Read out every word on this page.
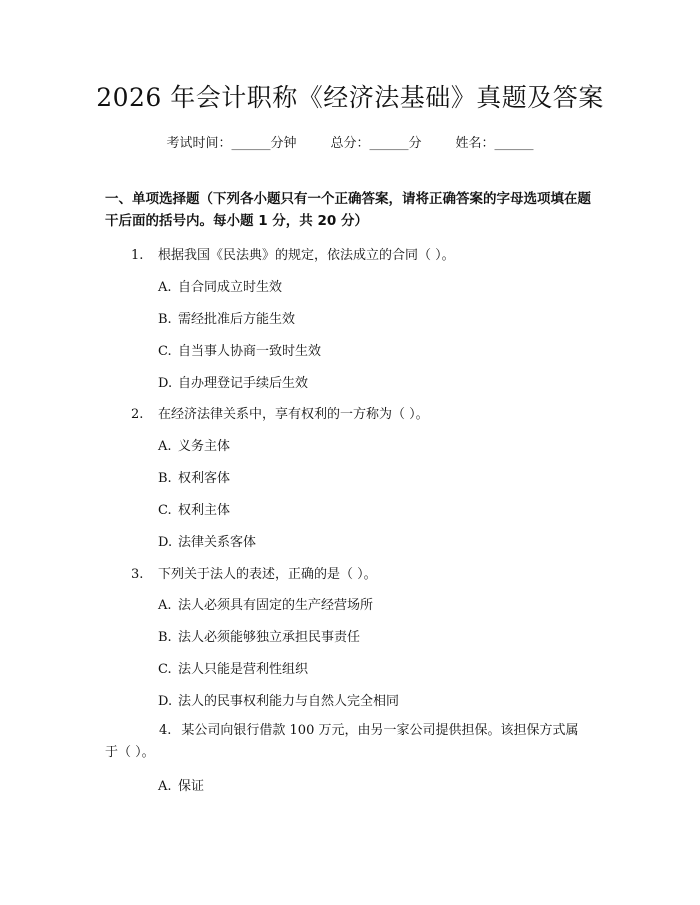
2026 年会计职称《经济法基础》真题及答案
考试时间：______分钟	总分：______分	姓名：______
一、单项选择题（下列各小题只有一个正确答案，请将正确答案的字母选项填在题干后面的括号内。每小题 1 分，共 20 分）
1. 根据我国《民法典》的规定，依法成立的合同（ ）。
A. 自合同成立时生效
B. 需经批准后方能生效
C. 自当事人协商一致时生效
D. 自办理登记手续后生效
2. 在经济法律关系中，享有权利的一方称为（ ）。
A. 义务主体
B. 权利客体
C. 权利主体
D. 法律关系客体
3. 下列关于法人的表述，正确的是（ ）。
A. 法人必须具有固定的生产经营场所
B. 法人必须能够独立承担民事责任
C. 法人只能是营利性组织
D. 法人的民事权利能力与自然人完全相同
4. 某公司向银行借款 100 万元，由另一家公司提供担保。该担保方式属于（ ）。
A. 保证
